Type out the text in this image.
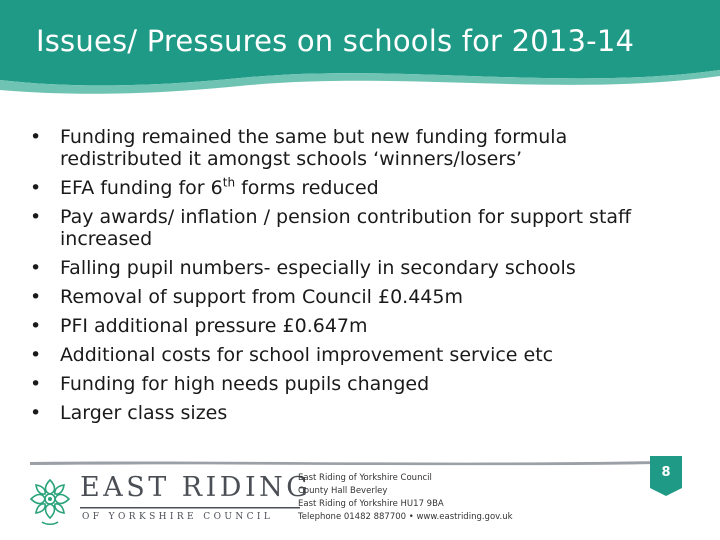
Issues/ Pressures on schools for 2013-14
• Funding remained the same but new funding formula redistributed it amongst schools ‘winners/losers’
• EFA funding for 6th forms reduced
• Pay awards/ inflation / pension contribution for support staff increased
• Falling pupil numbers- especially in secondary schools
• Removal of support from Council £0.445m
• PFI additional pressure £0.647m
• Additional costs for school improvement service etc
• Funding for high needs pupils changed
• Larger class sizes
EAST RIDING
OF YORKSHIRE COUNCIL
East Riding of Yorkshire Council
County Hall Beverley
East Riding of Yorkshire HU17 9BA
Telephone 01482 887700 • www.eastriding.gov.uk
8
